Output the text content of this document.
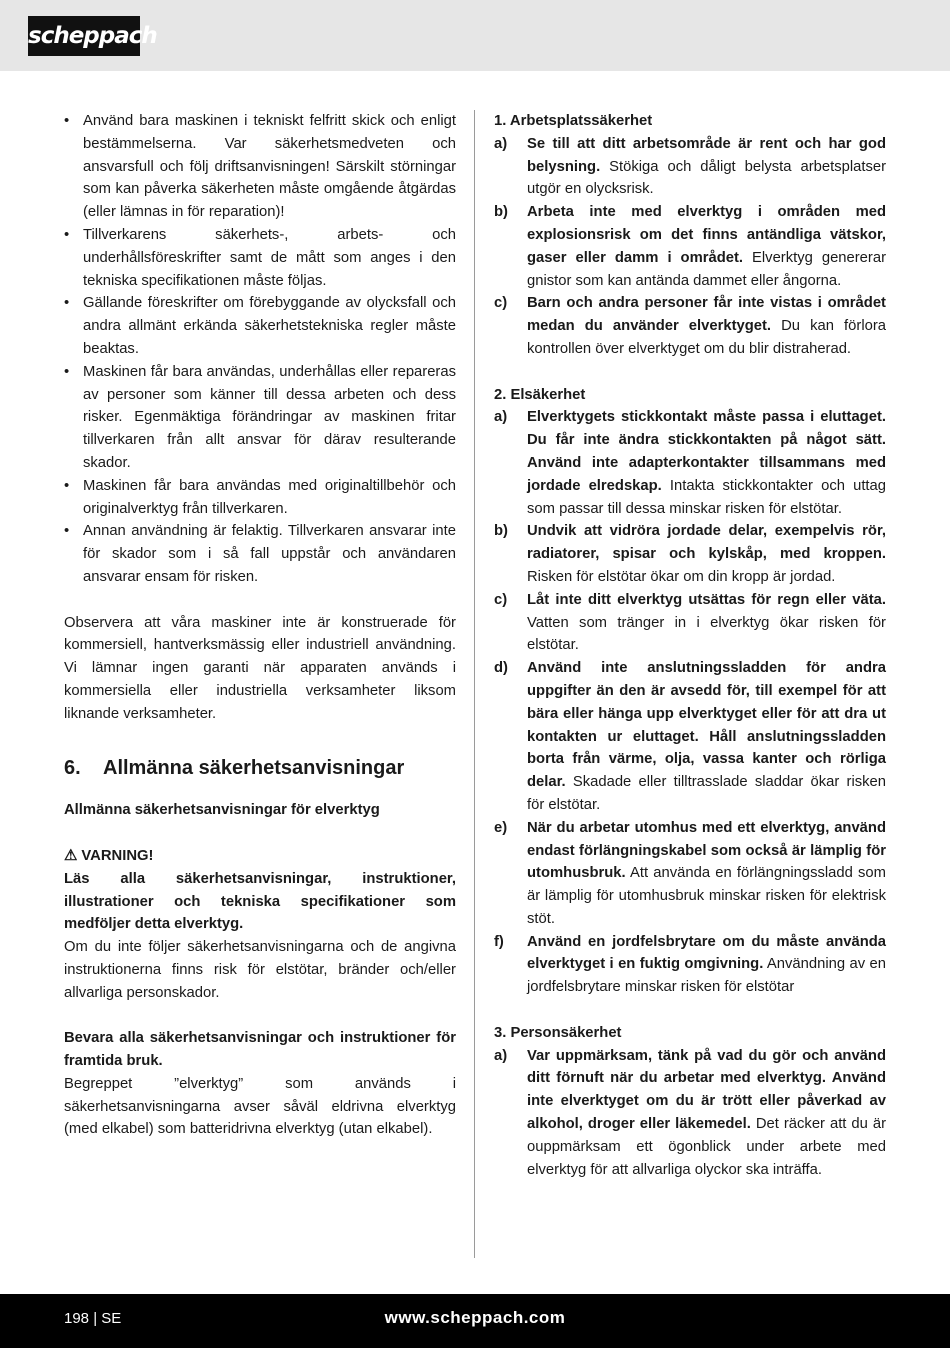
scheppach
• Använd bara maskinen i tekniskt felfritt skick och enligt bestämmelserna. Var säkerhetsmedveten och ansvarsfull och följ driftsanvisningen! Särskilt störningar som kan påverka säkerheten måste omgående åtgärdas (eller lämnas in för reparation)!
• Tillverkarens säkerhets-, arbets- och underhållsföreskrifter samt de mått som anges i den tekniska specifikationen måste följas.
• Gällande föreskrifter om förebyggande av olycksfall och andra allmänt erkända säkerhetstekniska regler måste beaktas.
• Maskinen får bara användas, underhållas eller repareras av personer som känner till dessa arbeten och dess risker. Egenmäktiga förändringar av maskinen fritar tillverkaren från allt ansvar för därav resulterande skador.
• Maskinen får bara användas med originaltillbehör och originalverktyg från tillverkaren.
• Annan användning är felaktig. Tillverkaren ansvarar inte för skador som i så fall uppstår och användaren ansvarar ensam för risken.
Observera att våra maskiner inte är konstruerade för kommersiell, hantverksmässig eller industriell användning. Vi lämnar ingen garanti när apparaten används i kommersiella eller industriella verksamheter liksom liknande verksamheter.
6. Allmänna säkerhetsanvisningar
Allmänna säkerhetsanvisningar för elverktyg
⚠ VARNING!
Läs alla säkerhetsanvisningar, instruktioner, illustrationer och tekniska specifikationer som medföljer detta elverktyg.
Om du inte följer säkerhetsanvisningarna och de angivna instruktionerna finns risk för elstötar, bränder och/eller allvarliga personskador.
Bevara alla säkerhetsanvisningar och instruktioner för framtida bruk.
Begreppet ”elverktyg” som används i säkerhetsanvisningarna avser såväl eldrivna elverktyg (med elkabel) som batteridrivna elverktyg (utan elkabel).
1. Arbetsplatssäkerhet
a) Se till att ditt arbetsområde är rent och har god belysning. Stökiga och dåligt belysta arbetsplatser utgör en olycksrisk.
b) Arbeta inte med elverktyg i områden med explosionsrisk om det finns antändliga vätskor, gaser eller damm i området. Elverktyg genererar gnistor som kan antända dammet eller ångorna.
c) Barn och andra personer får inte vistas i området medan du använder elverktyget. Du kan förlora kontrollen över elverktyget om du blir distraherad.
2. Elsäkerhet
a) Elverktygets stickkontakt måste passa i eluttaget. Du får inte ändra stickkontakten på något sätt. Använd inte adapterkontakter tillsammans med jordade elredskap. Intakta stickkontakter och uttag som passar till dessa minskar risken för elstötar.
b) Undvik att vidröra jordade delar, exempelvis rör, radiatorer, spisar och kylskåp, med kroppen. Risken för elstötar ökar om din kropp är jordad.
c) Låt inte ditt elverktyg utsättas för regn eller väta. Vatten som tränger in i elverktyg ökar risken för elstötar.
d) Använd inte anslutningssladden för andra uppgifter än den är avsedd för, till exempel för att bära eller hänga upp elverktyget eller för att dra ut kontakten ur eluttaget. Håll anslutningssladden borta från värme, olja, vassa kanter och rörliga delar. Skadade eller tilltrasslade sladdar ökar risken för elstötar.
e) När du arbetar utomhus med ett elverktyg, använd endast förlängningskabel som också är lämplig för utomhusbruk. Att använda en förlängningssladd som är lämplig för utomhusbruk minskar risken för elektrisk stöt.
f) Använd en jordfelsbrytare om du måste använda elverktyget i en fuktig omgivning. Användning av en jordfelsbrytare minskar risken för elstötar
3. Personsäkerhet
a) Var uppmärksam, tänk på vad du gör och använd ditt förnuft när du arbetar med elverktyg. Använd inte elverktyget om du är trött eller påverkad av alkohol, droger eller läkemedel. Det räcker att du är ouppmärksam ett ögonblick under arbete med elverktyg för att allvarliga olyckor ska inträffa.
198 | SE	www.scheppach.com
